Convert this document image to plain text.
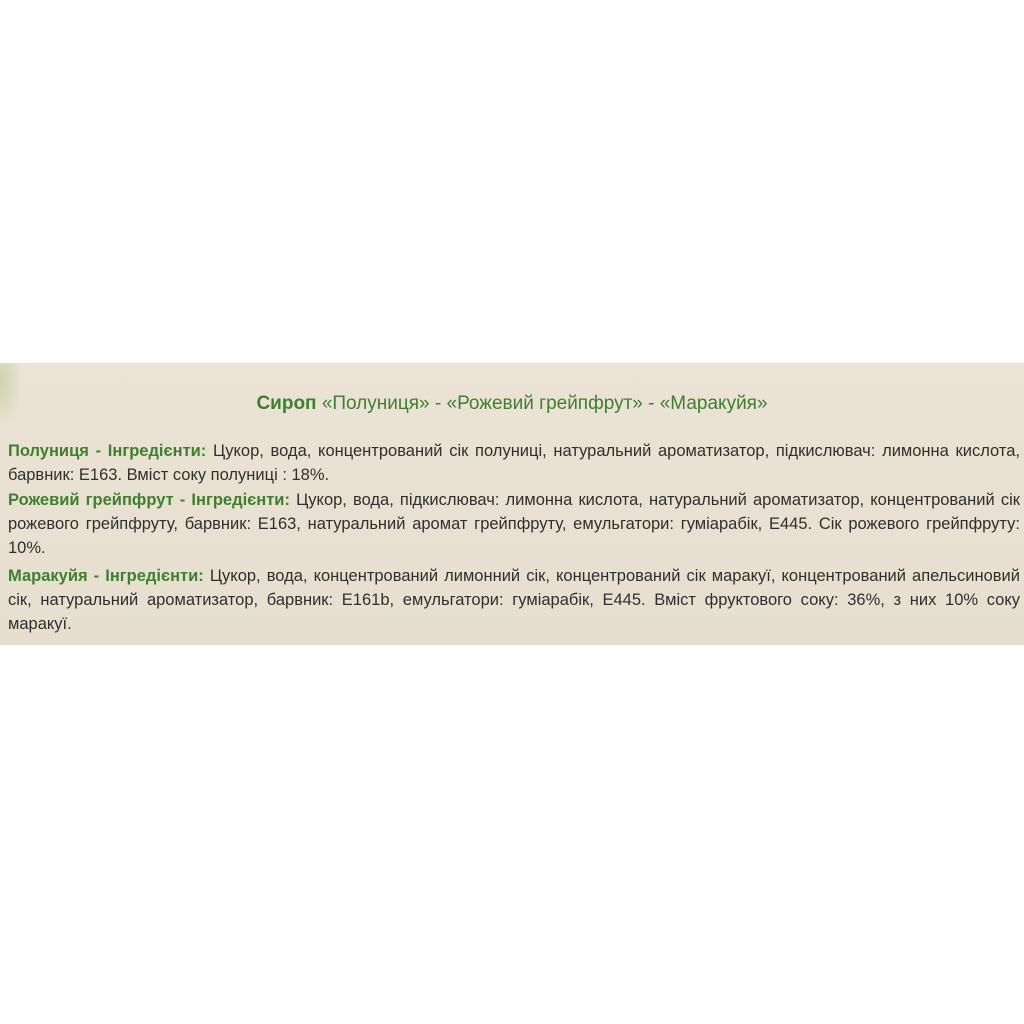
Сироп «Полуниця» - «Рожевий грейпфрут» - «Маракуйя»
Полуниця - Інгредієнти: Цукор, вода, концентрований сік полуниці, натуральний ароматизатор, підкислювач: лимонна кислота, барвник: Е163. Вміст соку полуниці : 18%.
Рожевий грейпфрут - Інгредієнти: Цукор, вода, підкислювач: лимонна кислота, натуральний ароматизатор, концентрований сік рожевого грейпфруту, барвник: Е163, натуральний аромат грейпфруту, емульгатори: гуміарабік, Е445. Сік рожевого грейпфруту: 10%.
Маракуйя - Інгредієнти: Цукор, вода, концентрований лимонний сік, концентрований сік маракуї, концентрований апельсиновий сік, натуральний ароматизатор, барвник: Е161b, емульгатори: гуміарабік, Е445. Вміст фруктового соку: 36%, з них 10% соку маракуї.
